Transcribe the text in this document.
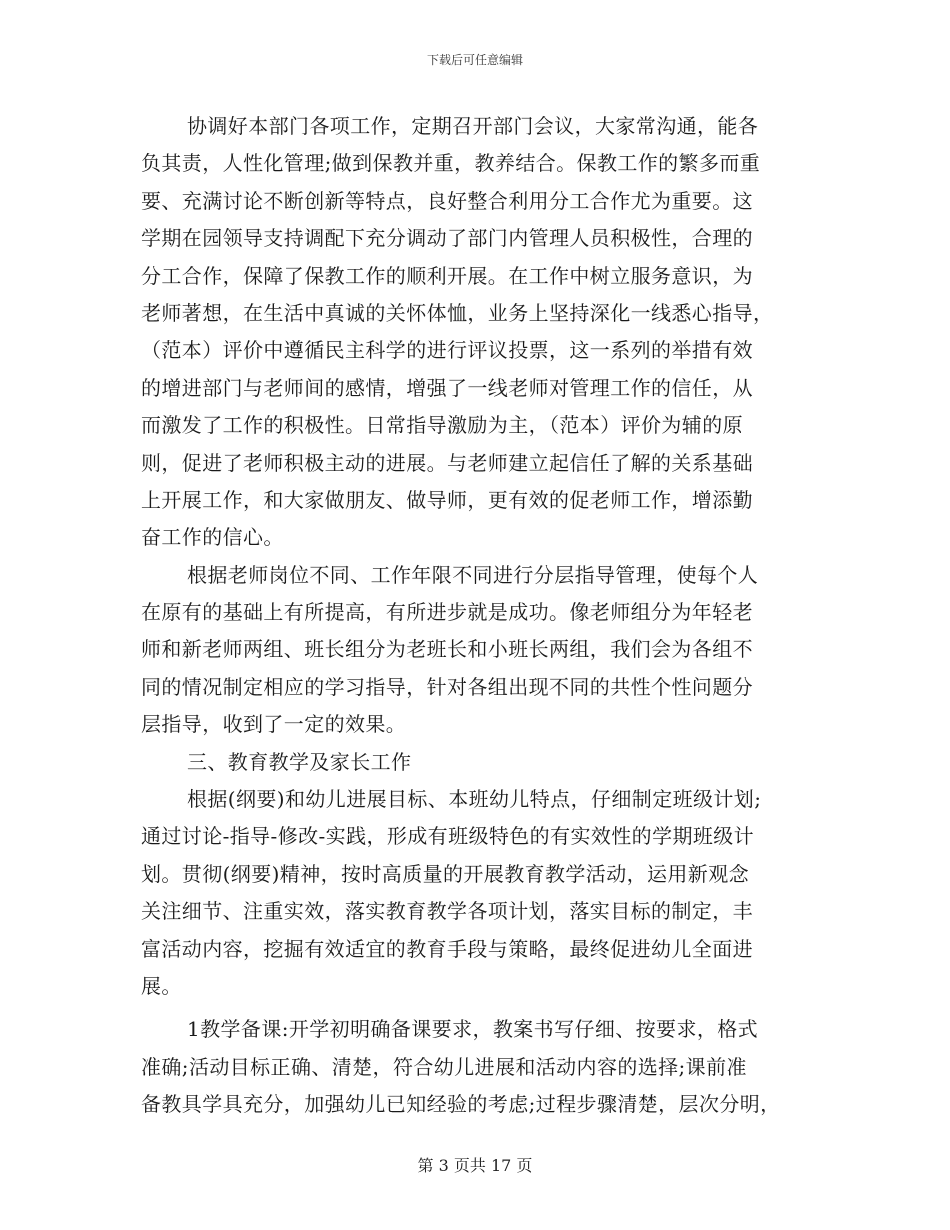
下载后可任意编辑
协调好本部门各项工作，定期召开部门会议，大家常沟通，能各
负其责，人性化管理;做到保教并重，教养结合。保教工作的繁多而重
要、充满讨论不断创新等特点，良好整合利用分工合作尤为重要。这
学期在园领导支持调配下充分调动了部门内管理人员积极性，合理的
分工合作，保障了保教工作的顺利开展。在工作中树立服务意识，为
老师著想，在生活中真诚的关怀体恤，业务上坚持深化一线悉心指导，
（范本）评价中遵循民主科学的进行评议投票，这一系列的举措有效
的增进部门与老师间的感情，增强了一线老师对管理工作的信任，从
而激发了工作的积极性。日常指导激励为主，（范本）评价为辅的原
则，促进了老师积极主动的进展。与老师建立起信任了解的关系基础
上开展工作，和大家做朋友、做导师，更有效的促老师工作，增添勤
奋工作的信心。
根据老师岗位不同、工作年限不同进行分层指导管理，使每个人
在原有的基础上有所提高，有所进步就是成功。像老师组分为年轻老
师和新老师两组、班长组分为老班长和小班长两组，我们会为各组不
同的情况制定相应的学习指导，针对各组出现不同的共性个性问题分
层指导，收到了一定的效果。
三、教育教学及家长工作
根据(纲要)和幼儿进展目标、本班幼儿特点，仔细制定班级计划;
通过讨论-指导-修改-实践，形成有班级特色的有实效性的学期班级计
划。贯彻(纲要)精神，按时高质量的开展教育教学活动，运用新观念
关注细节、注重实效，落实教育教学各项计划，落实目标的制定，丰
富活动内容，挖掘有效适宜的教育手段与策略，最终促进幼儿全面进
展。
1教学备课:开学初明确备课要求，教案书写仔细、按要求，格式
准确;活动目标正确、清楚，符合幼儿进展和活动内容的选择;课前准
备教具学具充分，加强幼儿已知经验的考虑;过程步骤清楚，层次分明，
第 3 页共 17 页
